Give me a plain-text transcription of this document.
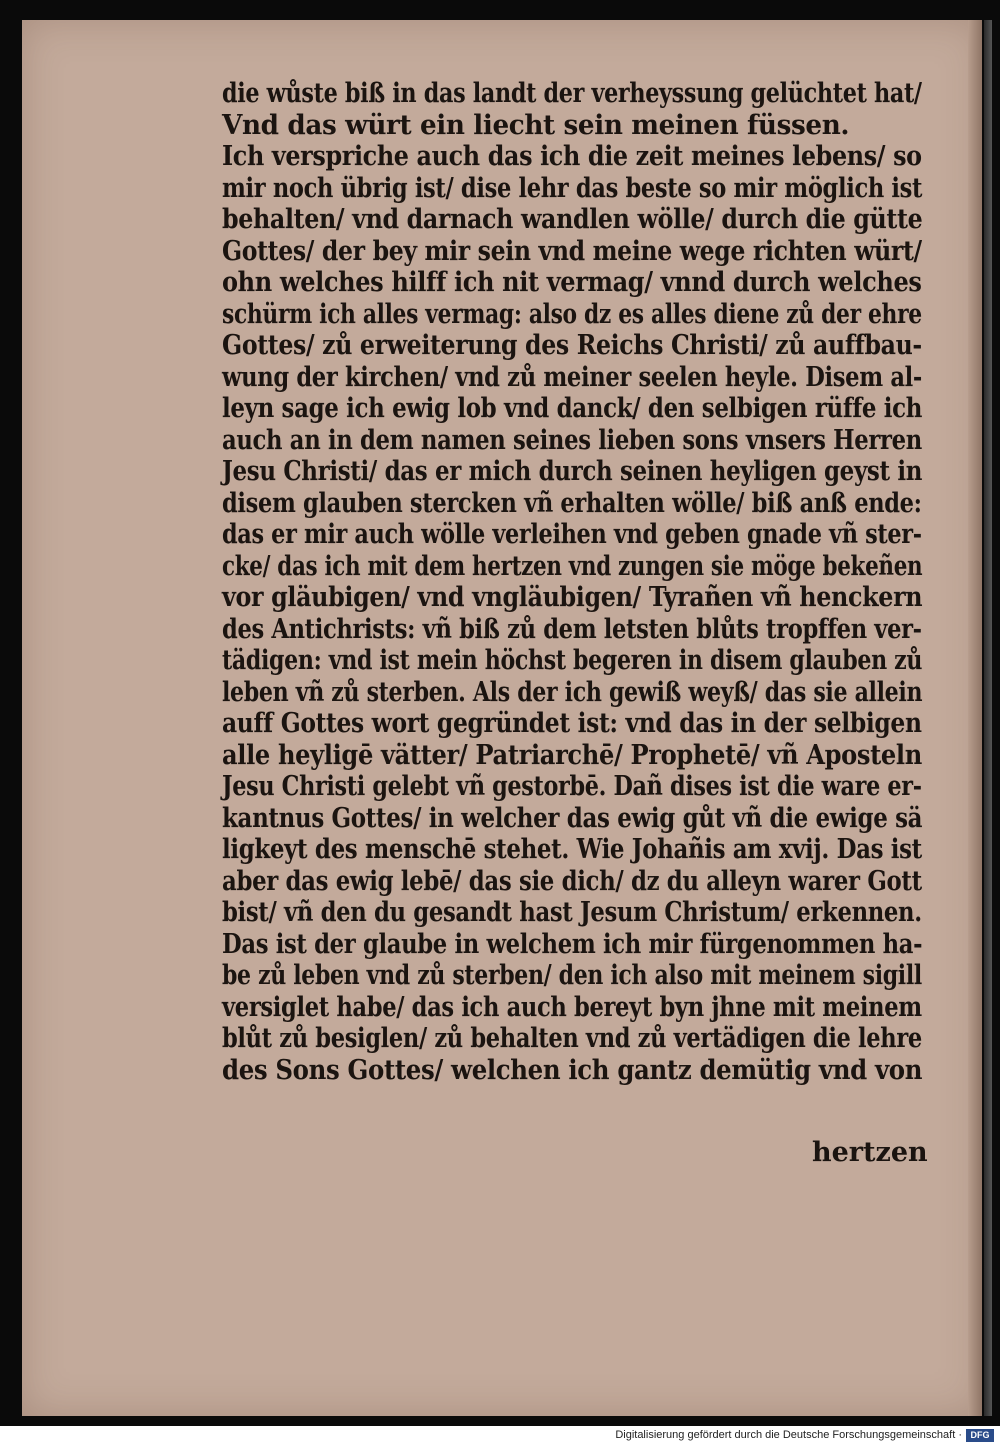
die wůste biß in das landt der verheyssung gelüchtet hat/

Vnd das würt ein liecht sein meinen füssen.

Ich verspriche auch das ich die zeit meines lebens/ so

mir noch übrig ist/ dise lehr das beste so mir möglich ist

behalten/ vnd darnach wandlen wölle/ durch die gütte

Gottes/ der bey mir sein vnd meine wege richten würt/

ohn welches hilff ich nit vermag/ vnnd durch welches

schürm ich alles vermag: also dz es alles diene zů der ehre

Gottes/ zů erweiterung des Reichs Christi/ zů auffbau-

wung der kirchen/ vnd zů meiner seelen heyle. Disem al-

leyn sage ich ewig lob vnd danck/ den selbigen rüffe ich

auch an in dem namen seines lieben sons vnsers Herren

Jesu Christi/ das er mich durch seinen heyligen geyst in

disem glauben stercken vñ erhalten wölle/ biß anß ende:

das er mir auch wölle verleihen vnd geben gnade vñ ster-

cke/ das ich mit dem hertzen vnd zungen sie möge bekeñen

vor gläubigen/ vnd vngläubigen/ Tyrañen vñ henckern

des Antichrists: vñ biß zů dem letsten blůts tropffen ver-

tädigen: vnd ist mein höchst begeren in disem glauben zů

leben vñ zů sterben. Als der ich gewiß weyß/ das sie allein

auff Gottes wort gegründet ist: vnd das in der selbigen

alle heyligē vätter/ Patriarchē/ Prophetē/ vñ Aposteln

Jesu Christi gelebt vñ gestorbē. Dañ dises ist die ware er-

kantnus Gottes/ in welcher das ewig gůt vñ die ewige sä

ligkeyt des menschē stehet. Wie Johañis am xvij. Das ist

aber das ewig lebē/ das sie dich/ dz du alleyn warer Gott

bist/ vñ den du gesandt hast Jesum Christum/ erkennen.

Das ist der glaube in welchem ich mir fürgenommen ha-

be zů leben vnd zů sterben/ den ich also mit meinem sigill

versiglet habe/ das ich auch bereyt byn jhne mit meinem

blůt zů besiglen/ zů behalten vnd zů vertädigen die lehre

des Sons Gottes/ welchen ich gantz demütig vnd von

hertzen
Digitalisierung gefördert durch die Deutsche Forschungsgemeinschaft · DFG
